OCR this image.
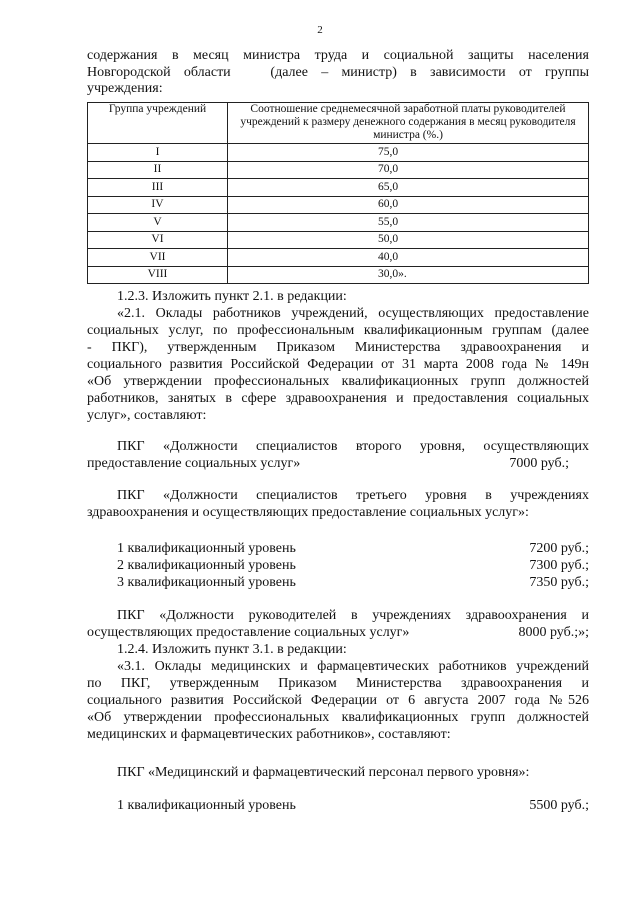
2

содержания в месяц министра труда и социальной защиты населения

Новгородской области   (далее – министр) в зависимости от группы

учреждения:

Группа учреждений	Соотношение среднемесячной заработной платы руководителей учреждений к размеру денежного содержания в месяц руководителя министра (%.)
I	75,0
II	70,0
III	65,0
IV	60,0
V	55,0
VI	50,0
VII	40,0
VIII	30,0».

1.2.3. Изложить пункт 2.1. в редакции:

«2.1. Оклады работников учреждений, осуществляющих предоставление

социальных услуг, по профессиональным квалификационным группам (далее

- ПКГ), утвержденным Приказом Министерства здравоохранения и

социального развития Российской Федерации от 31 марта 2008 года № 149н

«Об утверждении профессиональных квалификационных групп должностей

работников, занятых в сфере здравоохранения и предоставления социальных

услуг», составляют:

ПКГ «Должности специалистов второго уровня, осуществляющих

предоставление социальных услуг»	7000 руб.;

ПКГ «Должности специалистов третьего уровня в учреждениях

здравоохранения и осуществляющих предоставление социальных услуг»:

1 квалификационный уровень	7200 руб.;
2 квалификационный уровень	7300 руб.;
3 квалификационный уровень	7350 руб.;

ПКГ «Должности руководителей в учреждениях здравоохранения и

осуществляющих предоставление социальных услуг»	8000 руб.;»;

1.2.4. Изложить пункт 3.1. в редакции:

«3.1. Оклады медицинских и фармацевтических работников учреждений

по ПКГ, утвержденным Приказом Министерства здравоохранения и

социального развития Российской Федерации от 6 августа 2007 года №526

«Об утверждении профессиональных квалификационных групп должностей

медицинских и фармацевтических работников», составляют:

ПКГ «Медицинский и фармацевтический персонал первого уровня»:

1 квалификационный уровень	5500 руб.;
